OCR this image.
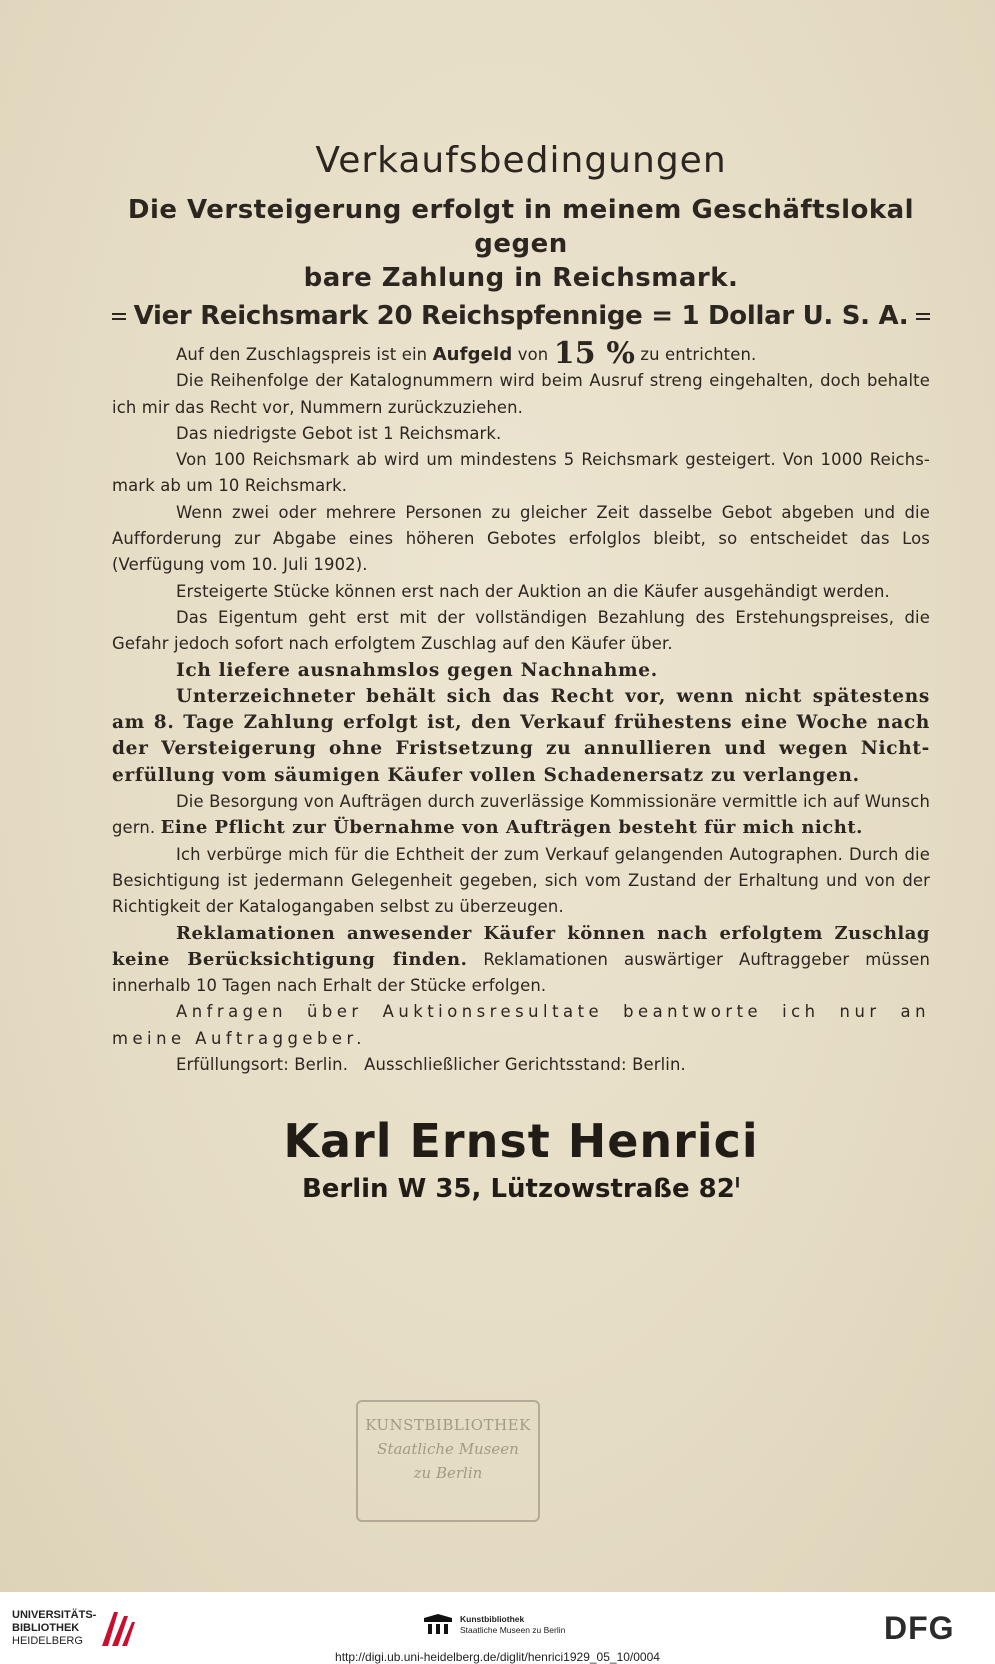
Verkaufsbedingungen

Die Versteigerung erfolgt in meinem Geschäftslokal gegen

bare Zahlung in Reichsmark.

Vier Reichsmark 20 Reichspfennige = 1 Dollar U. S. A.

Auf den Zuschlagspreis ist ein Aufgeld von 15 % zu entrichten.

Die Reihenfolge der Katalognummern wird beim Ausruf streng eingehalten, doch behalte ich mir das Recht vor, Nummern zurückzuziehen.

Das niedrigste Gebot ist 1 Reichsmark.

Von 100 Reichsmark ab wird um mindestens 5 Reichsmark gesteigert. Von 1000 Reichs-mark ab um 10 Reichsmark.

Wenn zwei oder mehrere Personen zu gleicher Zeit dasselbe Gebot abgeben und die Aufforderung zur Abgabe eines höheren Gebotes erfolglos bleibt, so entscheidet das Los (Verfügung vom 10. Juli 1902).

Ersteigerte Stücke können erst nach der Auktion an die Käufer ausgehändigt werden.

Das Eigentum geht erst mit der vollständigen Bezahlung des Erstehungspreises, die Gefahr jedoch sofort nach erfolgtem Zuschlag auf den Käufer über.

Ich liefere ausnahmslos gegen Nachnahme.

Unterzeichneter behält sich das Recht vor, wenn nicht spätestens am 8. Tage Zahlung erfolgt ist, den Verkauf frühestens eine Woche nach der Versteigerung ohne Fristsetzung zu annullieren und wegen Nicht-erfüllung vom säumigen Käufer vollen Schadenersatz zu verlangen.

Die Besorgung von Aufträgen durch zuverlässige Kommissionäre vermittle ich auf Wunsch gern. Eine Pflicht zur Übernahme von Aufträgen besteht für mich nicht.

Ich verbürge mich für die Echtheit der zum Verkauf gelangenden Autographen. Durch die Besichtigung ist jedermann Gelegenheit gegeben, sich vom Zustand der Erhaltung und von der Richtigkeit der Katalogangaben selbst zu überzeugen.

Reklamationen anwesender Käufer können nach erfolgtem Zuschlag keine Berücksichtigung finden. Reklamationen auswärtiger Auftraggeber müssen innerhalb 10 Tagen nach Erhalt der Stücke erfolgen.

Anfragen über Auktionsresultate beantworte ich nur an meine Auftraggeber.

Erfüllungsort: Berlin.   Ausschließlicher Gerichtsstand: Berlin.

Karl Ernst Henrici
Berlin W 35, Lützowstraße $82^I$
KUNSTBIBLIOTHEK
Staatliche Museen
zu Berlin
UNIVERSITÄTS-
BIBLIOTHEK
HEIDELBERG
Kunstbibliothek
Staatliche Museen zu Berlin	DFG
http://digi.ub.uni-heidelberg.de/diglit/henrici1929_05_10/0004
